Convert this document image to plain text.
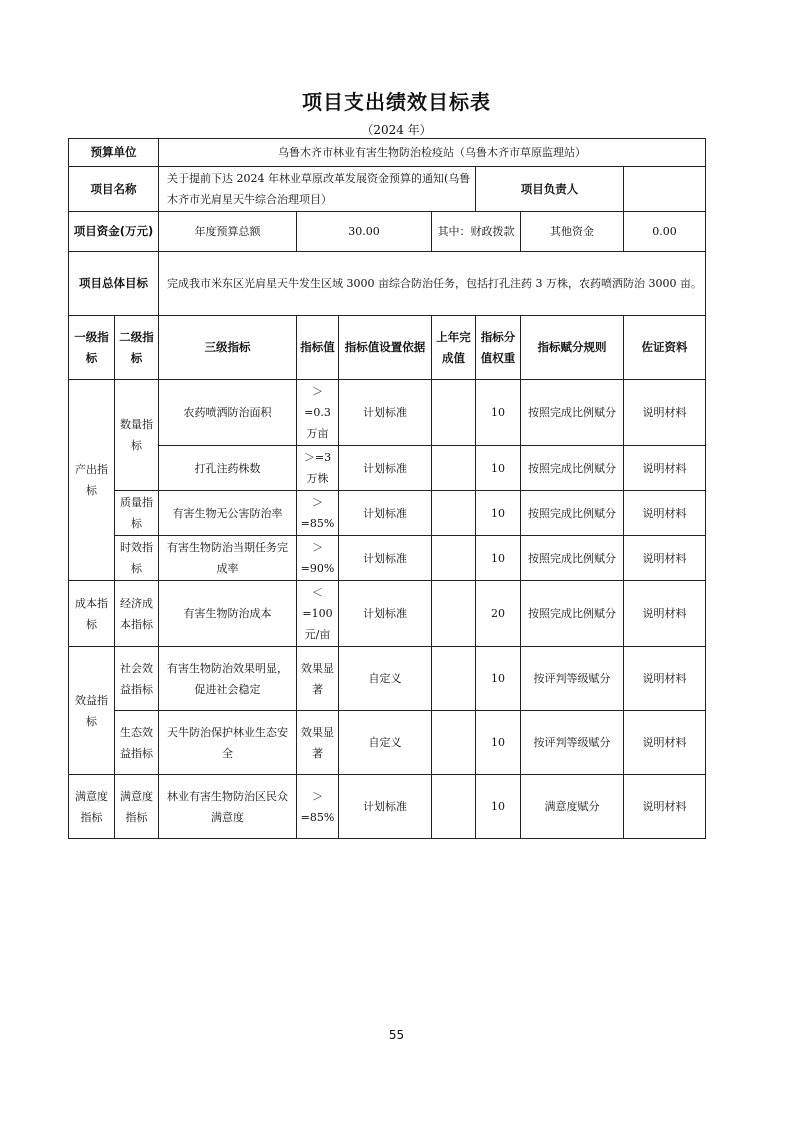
项目支出绩效目标表
（2024 年）
预算单位		乌鲁木齐市林业有害生物防治检疫站（乌鲁木齐市草原监理站）						
项目名称		关于提前下达 2024 年林业草原改革发展资金预算的通知(乌鲁木齐市光肩星天牛综合治理项目）				项目负责人		
项目资金(万元)		年度预算总额	30.00		其中：财政拨款		其他资金	0.00
项目总体目标		完成我市米东区光肩星天牛发生区域 3000 亩综合防治任务，包括打孔注药 3 万株，农药喷洒防治 3000 亩。						
一级指标	二级指标	三级指标	指标值	指标值设置依据	上年完成值	指标分值权重	指标赋分规则	佐证资料
产出指标	数量指标	农药喷洒防治面积	＞=0.3万亩	计划标准		10	按照完成比例赋分	说明材料
		打孔注药株数	＞=3万株	计划标准		10	按照完成比例赋分	说明材料
	质量指标	有害生物无公害防治率	＞=85%	计划标准		10	按照完成比例赋分	说明材料
	时效指标	有害生物防治当期任务完成率	＞=90%	计划标准		10	按照完成比例赋分	说明材料
成本指标	经济成本指标	有害生物防治成本	＜=100元/亩	计划标准		20	按照完成比例赋分	说明材料
效益指标	社会效益指标	有害生物防治效果明显，促进社会稳定	效果显著	自定义		10	按评判等级赋分	说明材料
	生态效益指标	天牛防治保护林业生态安全	效果显著	自定义		10	按评判等级赋分	说明材料
满意度指标	满意度指标	林业有害生物防治区民众满意度	＞=85%	计划标准		10	满意度赋分	说明材料
55
